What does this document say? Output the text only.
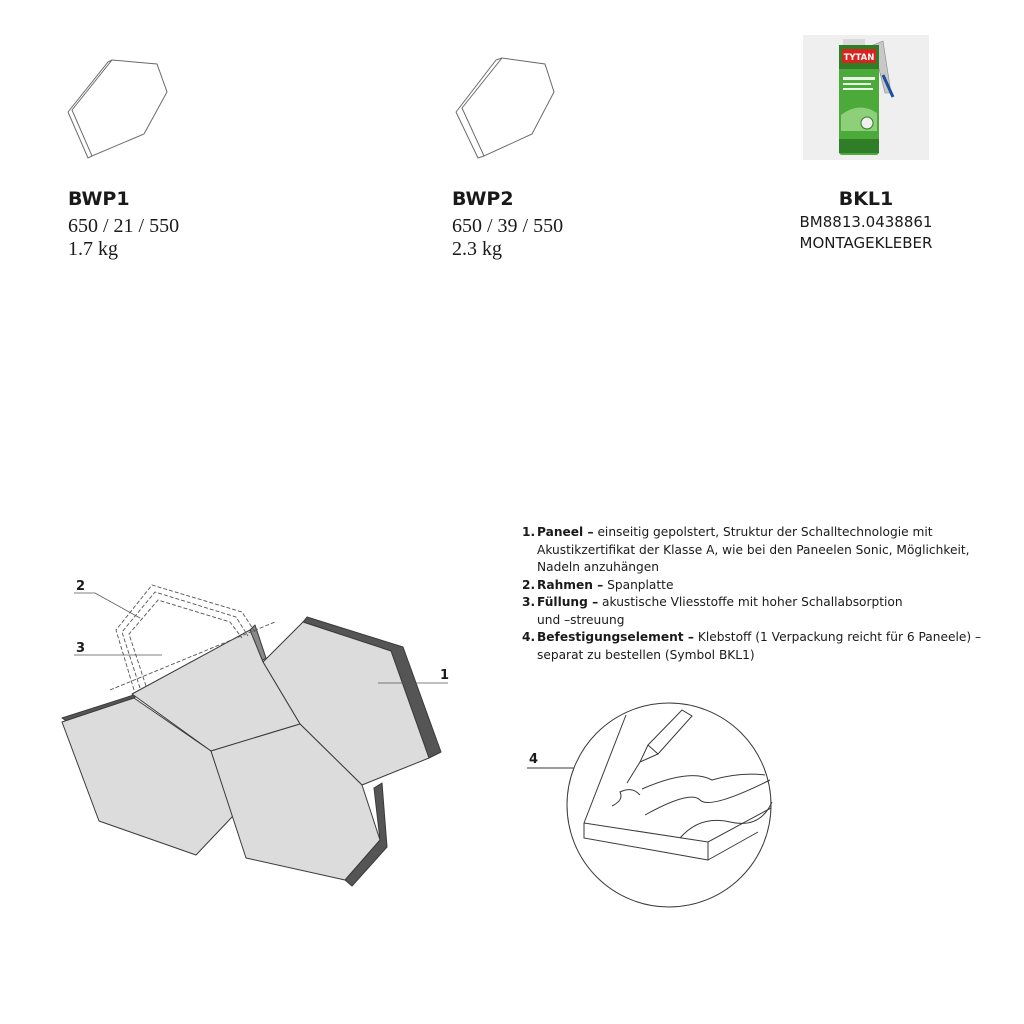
BWP1
650 / 21 / 550
1.7 kg
BWP2
650 / 39 / 550
2.3 kg
TYTAN
BKL1
BM8813.0438861
MONTAGEKLEBER
2
3
1
4
1. Paneel – einseitig gepolstert, Struktur der Schalltechnologie mit
Akustikzertifikat der Klasse A, wie bei den Paneelen Sonic, Möglichkeit,
Nadeln anzuhängen
2. Rahmen – Spanplatte
3. Füllung – akustische Vliesstoffe mit hoher Schallabsorption
und –streuung
4. Befestigungselement – Klebstoff (1 Verpackung reicht für 6 Paneele) –
separat zu bestellen (Symbol BKL1)
